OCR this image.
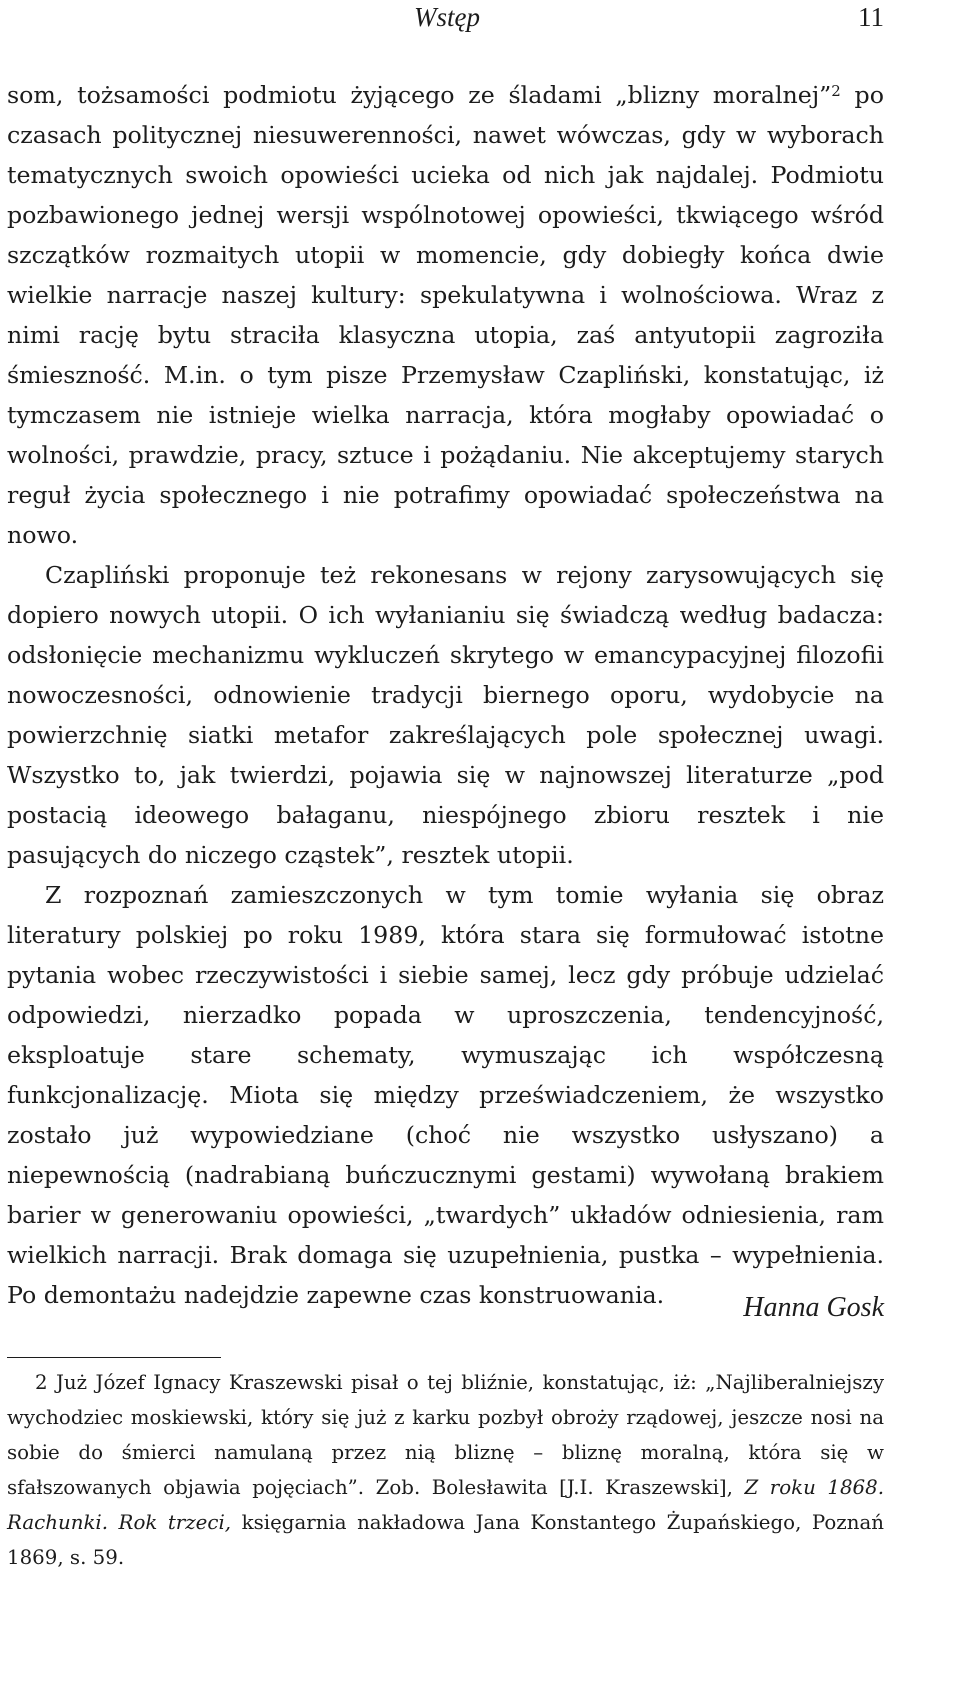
Wstęp	11

som, tożsamości podmiotu żyjącego ze śladami „blizny moralnej”$^2$ po czasach politycznej niesuwerenności, nawet wówczas, gdy w wyborach tematycznych swoich opowieści ucieka od nich jak najdalej. Podmiotu pozbawionego jednej wersji wspólnotowej opowieści, tkwiącego wśród szczątków rozmaitych utopii w momencie, gdy dobiegły końca dwie wielkie narracje naszej kultury: spekulatywna i wolnościowa. Wraz z nimi rację bytu straciła klasyczna utopia, zaś antyutopii zagroziła śmieszność. M.in. o tym pisze Przemysław Czapliński, konstatując, iż tymczasem nie istnieje wielka narracja, która mogłaby opowiadać o wolności, prawdzie, pracy, sztuce i pożądaniu. Nie akceptujemy starych reguł życia społecznego i nie potrafimy opowiadać społeczeństwa na nowo.

Czapliński proponuje też rekonesans w rejony zarysowujących się dopiero nowych utopii. O ich wyłanianiu się świadczą według badacza: odsłonięcie mechanizmu wykluczeń skrytego w emancypacyjnej filozofii nowoczesności, odnowienie tradycji biernego oporu, wydobycie na powierzchnię siatki metafor zakreślających pole społecznej uwagi. Wszystko to, jak twierdzi, pojawia się w najnowszej literaturze „pod postacią ideowego bałaganu, niespójnego zbioru resztek i nie pasujących do niczego cząstek”, resztek utopii.

Z rozpoznań zamieszczonych w tym tomie wyłania się obraz literatury polskiej po roku 1989, która stara się formułować istotne pytania wobec rzeczywistości i siebie samej, lecz gdy próbuje udzielać odpowiedzi, nierzadko popada w uproszczenia, tendencyjność, eksploatuje stare schematy, wymuszając ich współczesną funkcjonalizację. Miota się między przeświadczeniem, że wszystko zostało już wypowiedziane (choć nie wszystko usłyszano) a niepewnością (nadrabianą buńczucznymi gestami) wywołaną brakiem barier w generowaniu opowieści, „twardych” układów odniesienia, ram wielkich narracji. Brak domaga się uzupełnienia, pustka – wypełnienia. Po demontażu nadejdzie zapewne czas konstruowania.	Hanna Gosk

2 Już Józef Ignacy Kraszewski pisał o tej bliźnie, konstatując, iż: „Najliberalniejszy wychodziec moskiewski, który się już z karku pozbył obroży rządowej, jeszcze nosi na sobie do śmierci namulaną przez nią bliznę – bliznę moralną, która się w sfałszowanych objawia pojęciach”. Zob. Bolesławita [J.I. Kraszewski], Z roku 1868. Rachunki. Rok trzeci, księgarnia nakładowa Jana Konstantego Żupańskiego, Poznań 1869, s. 59.
